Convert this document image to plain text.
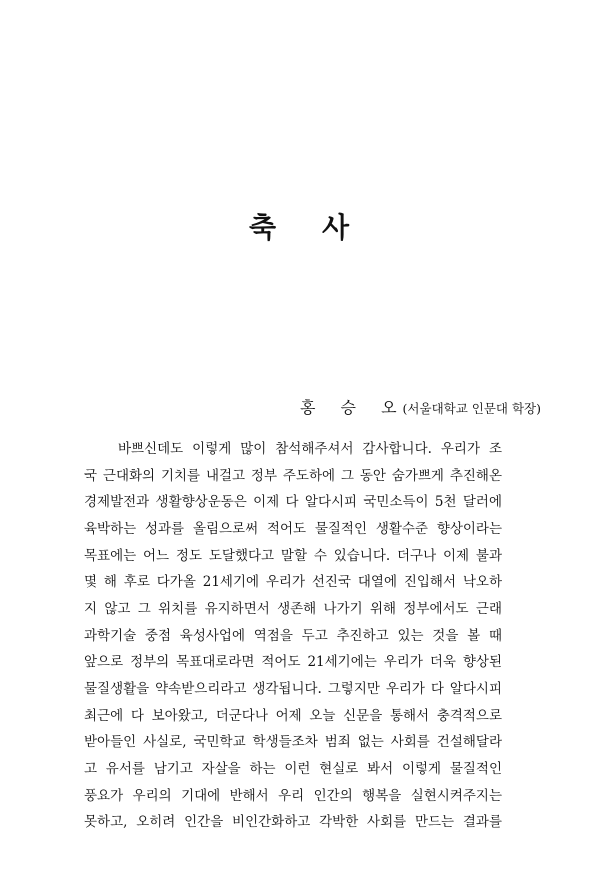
축 사
홍 승 오(서울대학교 인문대 학장)
바쁘신데도 이렇게 많이 참석해주셔서 감사합니다. 우리가 조
국 근대화의 기치를 내걸고 정부 주도하에 그 동안 숨가쁘게 추진해온
경제발전과 생활향상운동은 이제 다 알다시피 국민소득이 5천 달러에
육박하는 성과를 올림으로써 적어도 물질적인 생활수준 향상이라는
목표에는 어느 정도 도달했다고 말할 수 있습니다. 더구나 이제 불과
몇 해 후로 다가올 21세기에 우리가 선진국 대열에 진입해서 낙오하
지 않고 그 위치를 유지하면서 생존해 나가기 위해 정부에서도 근래
과학기술 중점 육성사업에 역점을 두고 추진하고 있는 것을 볼 때
앞으로 정부의 목표대로라면 적어도 21세기에는 우리가 더욱 향상된
물질생활을 약속받으리라고 생각됩니다. 그렇지만 우리가 다 알다시피
최근에 다 보아왔고, 더군다나 어제 오늘 신문을 통해서 충격적으로
받아들인 사실로, 국민학교 학생들조차 범죄 없는 사회를 건설해달라
고 유서를 남기고 자살을 하는 이런 현실로 봐서 이렇게 물질적인
풍요가 우리의 기대에 반해서 우리 인간의 행복을 실현시켜주지는
못하고, 오히려 인간을 비인간화하고 각박한 사회를 만드는 결과를
